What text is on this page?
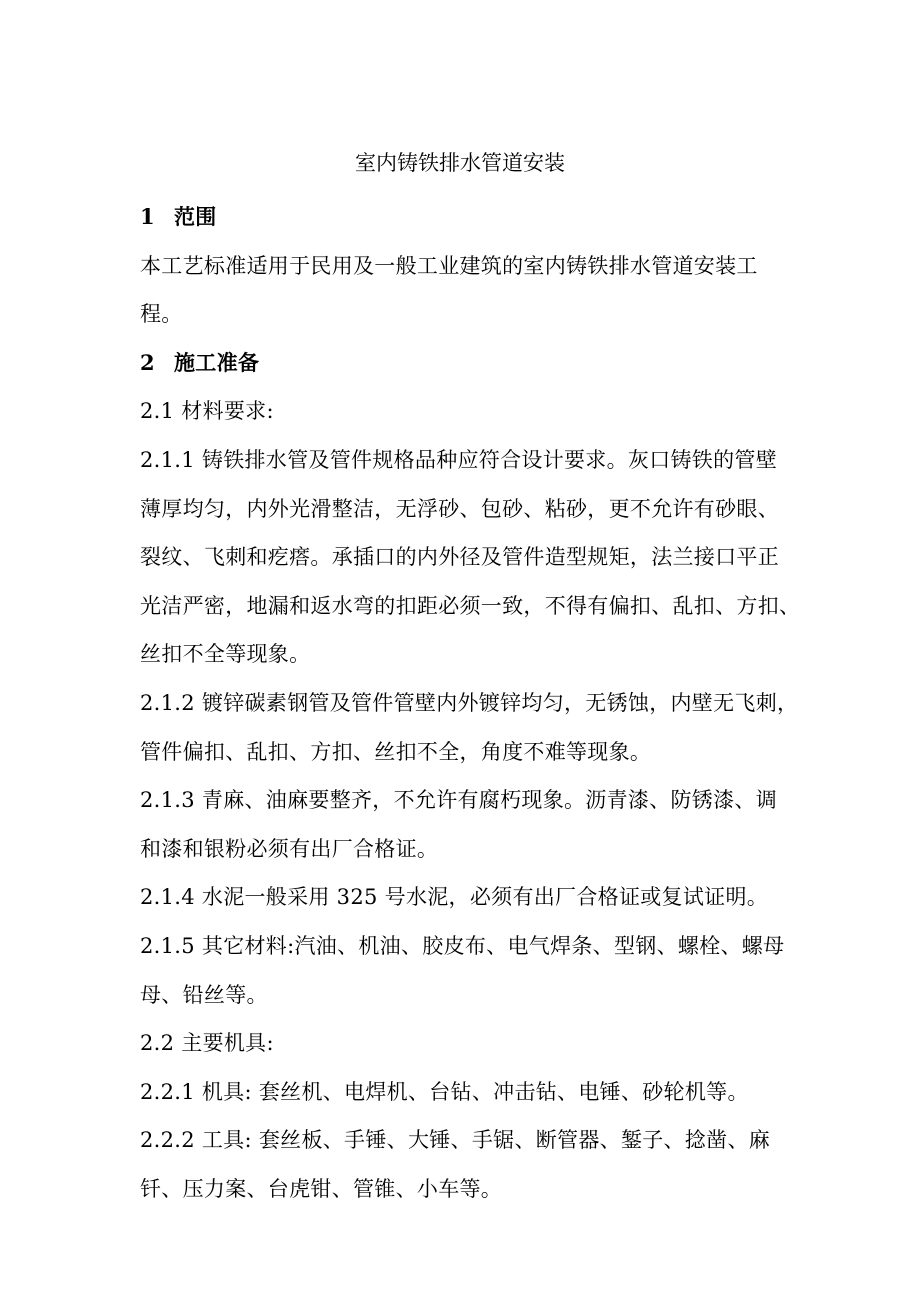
室内铸铁排水管道安装
1 范围
本工艺标准适用于民用及一般工业建筑的室内铸铁排水管道安装工
程。
2 施工准备
2.1 材料要求:
2.1.1 铸铁排水管及管件规格品种应符合设计要求。灰口铸铁的管壁
薄厚均匀，内外光滑整洁，无浮砂、包砂、粘砂，更不允许有砂眼、
裂纹、飞刺和疙瘩。承插口的内外径及管件造型规矩，法兰接口平正
光洁严密，地漏和返水弯的扣距必须一致，不得有偏扣、乱扣、方扣、
丝扣不全等现象。
2.1.2 镀锌碳素钢管及管件管壁内外镀锌均匀，无锈蚀，内壁无飞刺，
管件偏扣、乱扣、方扣、丝扣不全，角度不难等现象。
2.1.3 青麻、油麻要整齐，不允许有腐朽现象。沥青漆、防锈漆、调
和漆和银粉必须有出厂合格证。
2.1.4 水泥一般采用 325 号水泥，必须有出厂合格证或复试证明。
2.1.5 其它材料:汽油、机油、胶皮布、电气焊条、型钢、螺栓、螺母
母、铅丝等。
2.2 主要机具:
2.2.1 机具: 套丝机、电焊机、台钻、冲击钻、电锤、砂轮机等。
2.2.2 工具: 套丝板、手锤、大锤、手锯、断管器、錾子、捻凿、麻
钎、压力案、台虎钳、管锥、小车等。
